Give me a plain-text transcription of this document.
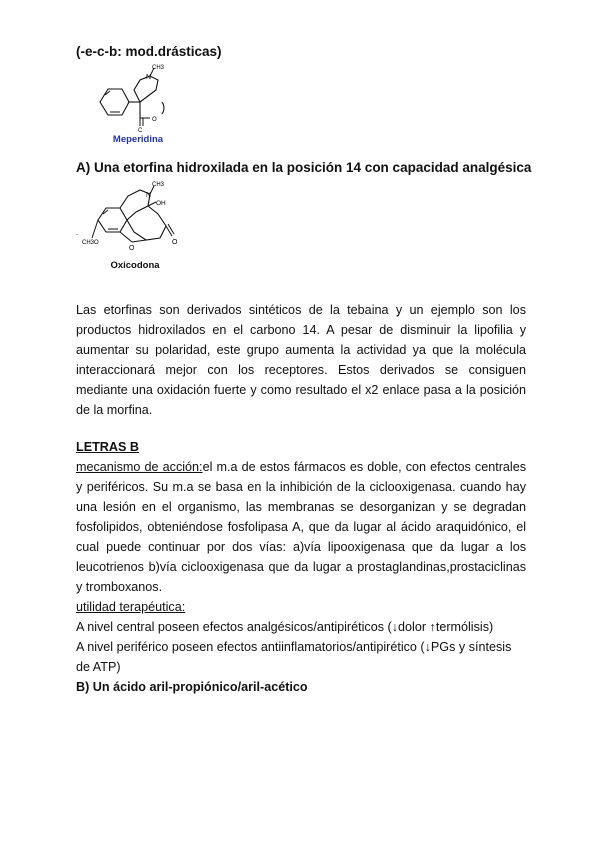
(-e-c-b: mod.drásticas)
N
CH3
O
C
Meperidina
A) Una etorfina hidroxilada en la posición 14 con capacidad analgésica
N
CH3
OH
O
O
CH3O
.
Oxicodona
Las etorfinas son derivados sintéticos de la tebaina y un ejemplo son los productos hidroxilados en el carbono 14. A pesar de disminuir la lipofilia y aumentar su polaridad, este grupo aumenta la actividad ya que la molécula interaccionará mejor con los receptores. Estos derivados se consiguen mediante una oxidación fuerte y como resultado el x2 enlace pasa a la posición de la morfina.
LETRAS B
mecanismo de acción:el m.a de estos fármacos es doble, con efectos centrales y periféricos. Su m.a se basa en la inhibición de la ciclooxigenasa. cuando hay una lesión en el organismo, las membranas se desorganizan y se degradan fosfolipidos, obteniéndose fosfolipasa A, que da lugar al ácido araquidónico, el cual puede continuar por dos vías: a)vía lipooxigenasa que da lugar a los leucotrienos b)vía ciclooxigenasa que da lugar a prostaglandinas,prostaciclinas y tromboxanos.
utilidad terapéutica:
A nivel central poseen efectos analgésicos/antipiréticos (↓dolor ↑termólisis)
A nivel periférico poseen efectos antiinflamatorios/antipirético (↓PGs y síntesis de ATP)
B) Un ácido aril-propiónico/aril-acético
